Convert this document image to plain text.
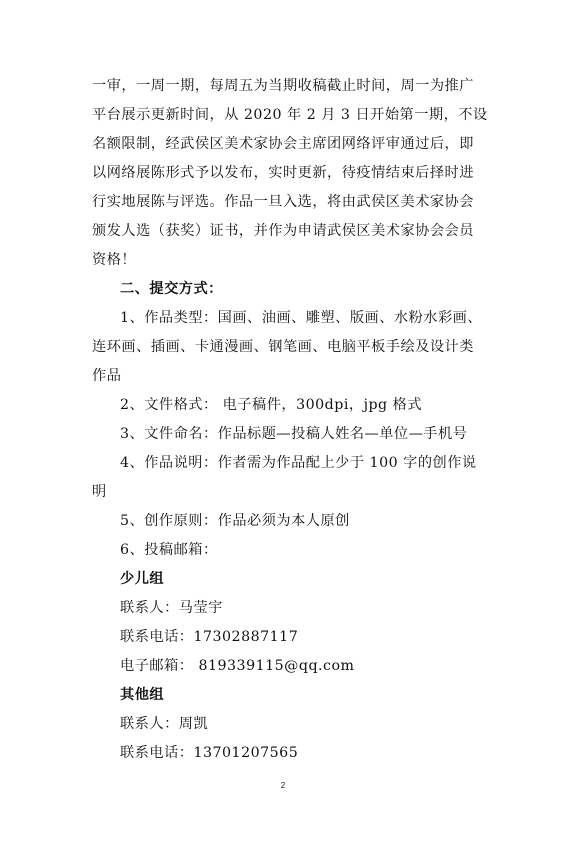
一审，一周一期，每周五为当期收稿截止时间，周一为推广
平台展示更新时间，从 2020 年 2 月 3 日开始第一期，不设
名额限制，经武侯区美术家协会主席团网络评审通过后，即
以网络展陈形式予以发布，实时更新，待疫情结束后择时进
行实地展陈与评选。作品一旦入选，将由武侯区美术家协会
颁发人选（获奖）证书，并作为申请武侯区美术家协会会员
资格！
二、提交方式：
1、作品类型：国画、油画、雕塑、版画、水粉水彩画、
连环画、插画、卡通漫画、钢笔画、电脑平板手绘及设计类
作品
2、文件格式： 电子稿件，300dpi，jpg 格式
3、文件命名：作品标题—投稿人姓名—单位—手机号
4、作品说明：作者需为作品配上少于 100 字的创作说
明
5、创作原则：作品必须为本人原创
6、投稿邮箱：
少儿组
联系人：马莹宇
联系电话：17302887117
电子邮箱： 819339115@qq.com
其他组
联系人：周凯
联系电话：13701207565
2
